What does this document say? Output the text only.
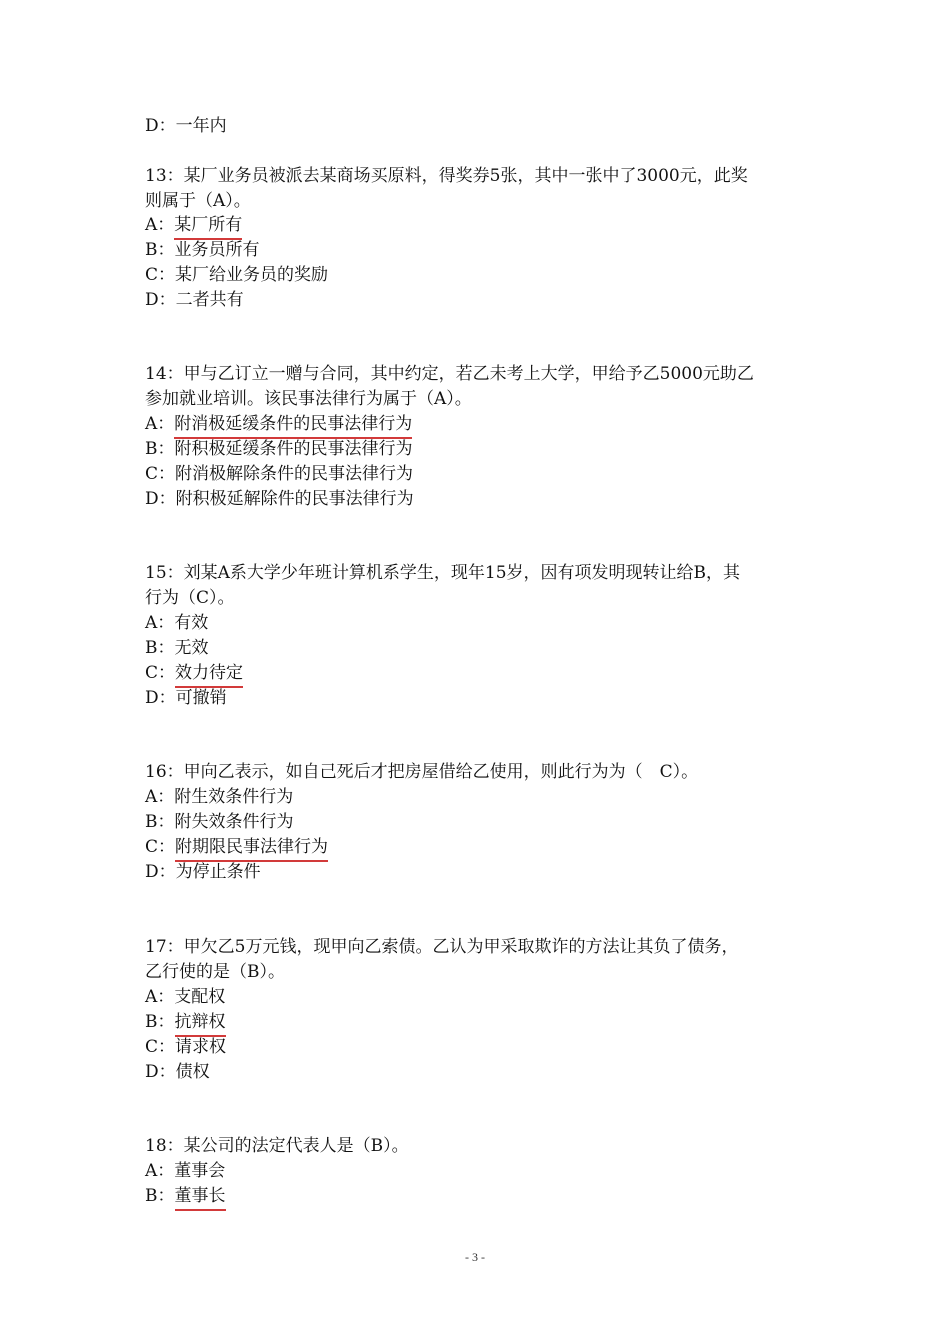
D：一年内
13：某厂业务员被派去某商场买原料，得奖券5张，其中一张中了3000元，此奖
则属于（A）。
A：某厂所有
B：业务员所有
C：某厂给业务员的奖励
D：二者共有
14：甲与乙订立一赠与合同，其中约定，若乙未考上大学，甲给予乙5000元助乙
参加就业培训。该民事法律行为属于（A）。
A：附消极延缓条件的民事法律行为
B：附积极延缓条件的民事法律行为
C：附消极解除条件的民事法律行为
D：附积极延解除件的民事法律行为
15：刘某A系大学少年班计算机系学生，现年15岁，因有项发明现转让给B，其
行为（C）。
A：有效
B：无效
C：效力待定
D：可撤销
16：甲向乙表示，如自己死后才把房屋借给乙使用，则此行为为（　C）。
A：附生效条件行为
B：附失效条件行为
C：附期限民事法律行为
D：为停止条件
17：甲欠乙5万元钱，现甲向乙索债。乙认为甲采取欺诈的方法让其负了债务，
乙行使的是（B）。
A：支配权
B：抗辩权
C：请求权
D：债权
18：某公司的法定代表人是（B）。
A：董事会
B：董事长
- 3 -
